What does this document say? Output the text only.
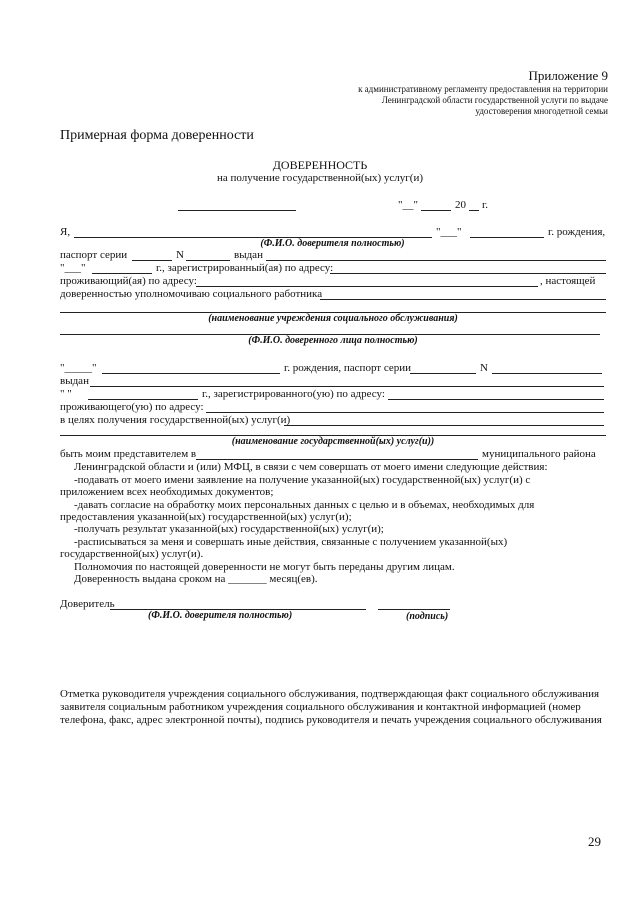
Приложение 9
к административному регламенту предоставления на территории
Ленинградской области государственной услуги по выдаче
удостоверения многодетной семьи
Примерная форма доверенности
ДОВЕРЕННОСТЬ
на получение государственной(ых) услуг(и)
"__"	20 г.
Я,	"___"	г. рождения,
(Ф.И.О. доверителя полностью)
паспорт серии	N	выдан
"___"	г., зарегистрированный(ая) по адресу:
проживающий(ая) по адресу:	, настоящей
доверенностью уполномочиваю социального работника
(наименование учреждения социального обслуживания)
(Ф.И.О. доверенного лица полностью)
"_____"	г. рождения, паспорт серии	N
выдан
" "	г., зарегистрированного(ую) по адресу:
проживающего(ую) по адресу:
в целях получения государственной(ых) услуг(и)
(наименование государственной(ых) услуг(и))
быть моим представителем в	муниципального района
Ленинградской области и (или) МФЦ, в связи с чем совершать от моего имени следующие действия:
-подавать от моего имени заявление на получение указанной(ых) государственной(ых) услуг(и) с
приложением всех необходимых документов;
-давать согласие на обработку моих персональных данных с целью и в объемах, необходимых для
предоставления указанной(ых) государственной(ых) услуг(и);
-получать результат указанной(ых) государственной(ых) услуг(и);
-расписываться за меня и совершать иные действия, связанные с получением указанной(ых)
государственной(ых) услуг(и).
Полномочия по настоящей доверенности не могут быть переданы другим лицам.
Доверенность выдана сроком на _______ месяц(ев).
Доверитель
(Ф.И.О. доверителя полностью)	(подпись)
Отметка руководителя учреждения социального обслуживания, подтверждающая факт социального обслуживания
заявителя социальным работником учреждения социального обслуживания и контактной информацией (номер
телефона, факс, адрес электронной почты), подпись руководителя и печать учреждения социального обслуживания
29
